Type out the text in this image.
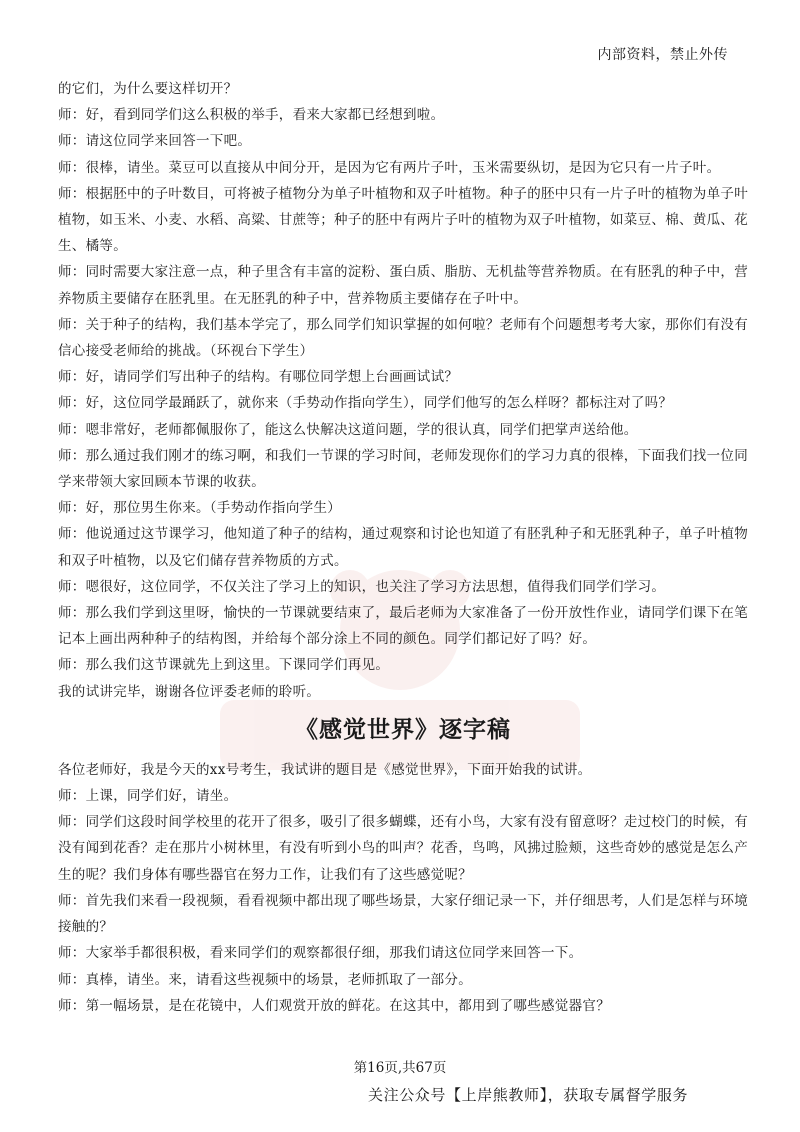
内部资料，禁止外传

的它们，为什么要这样切开？

师：好，看到同学们这么积极的举手，看来大家都已经想到啦。

师：请这位同学来回答一下吧。

师：很棒，请坐。菜豆可以直接从中间分开，是因为它有两片子叶，玉米需要纵切，是因为它只有一片子叶。

师：根据胚中的子叶数目，可将被子植物分为单子叶植物和双子叶植物。种子的胚中只有一片子叶的植物为单子叶植物，如玉米、小麦、水稻、高粱、甘蔗等；种子的胚中有两片子叶的植物为双子叶植物，如菜豆、棉、黄瓜、花生、橘等。

师：同时需要大家注意一点，种子里含有丰富的淀粉、蛋白质、脂肪、无机盐等营养物质。在有胚乳的种子中，营养物质主要储存在胚乳里。在无胚乳的种子中，营养物质主要储存在子叶中。

师：关于种子的结构，我们基本学完了，那么同学们知识掌握的如何啦？老师有个问题想考考大家，那你们有没有信心接受老师给的挑战。（环视台下学生）

师：好，请同学们写出种子的结构。有哪位同学想上台画画试试？

师：好，这位同学最踊跃了，就你来（手势动作指向学生），同学们他写的怎么样呀？都标注对了吗？

师：嗯非常好，老师都佩服你了，能这么快解决这道问题，学的很认真，同学们把掌声送给他。

师：那么通过我们刚才的练习啊，和我们一节课的学习时间，老师发现你们的学习力真的很棒，下面我们找一位同学来带领大家回顾本节课的收获。

师：好，那位男生你来。（手势动作指向学生）

师：他说通过这节课学习，他知道了种子的结构，通过观察和讨论也知道了有胚乳种子和无胚乳种子，单子叶植物和双子叶植物，以及它们储存营养物质的方式。

师：嗯很好，这位同学，不仅关注了学习上的知识，也关注了学习方法思想，值得我们同学们学习。

师：那么我们学到这里呀，愉快的一节课就要结束了，最后老师为大家准备了一份开放性作业，请同学们课下在笔记本上画出两种种子的结构图，并给每个部分涂上不同的颜色。同学们都记好了吗？好。

师：那么我们这节课就先上到这里。下课同学们再见。

我的试讲完毕，谢谢各位评委老师的聆听。

《感觉世界》逐字稿

各位老师好，我是今天的xx号考生，我试讲的题目是《感觉世界》，下面开始我的试讲。

师：上课，同学们好，请坐。

师：同学们这段时间学校里的花开了很多，吸引了很多蝴蝶，还有小鸟，大家有没有留意呀？走过校门的时候，有没有闻到花香？走在那片小树林里，有没有听到小鸟的叫声？花香，鸟鸣，风拂过脸颊，这些奇妙的感觉是怎么产生的呢？我们身体有哪些器官在努力工作，让我们有了这些感觉呢？

师：首先我们来看一段视频，看看视频中都出现了哪些场景，大家仔细记录一下，并仔细思考，人们是怎样与环境接触的？

师：大家举手都很积极，看来同学们的观察都很仔细，那我们请这位同学来回答一下。

师：真棒，请坐。来，请看这些视频中的场景，老师抓取了一部分。

师：第一幅场景，是在花镜中，人们观赏开放的鲜花。在这其中，都用到了哪些感觉器官？

第16页,共67页
关注公众号【上岸熊教师】，获取专属督学服务
